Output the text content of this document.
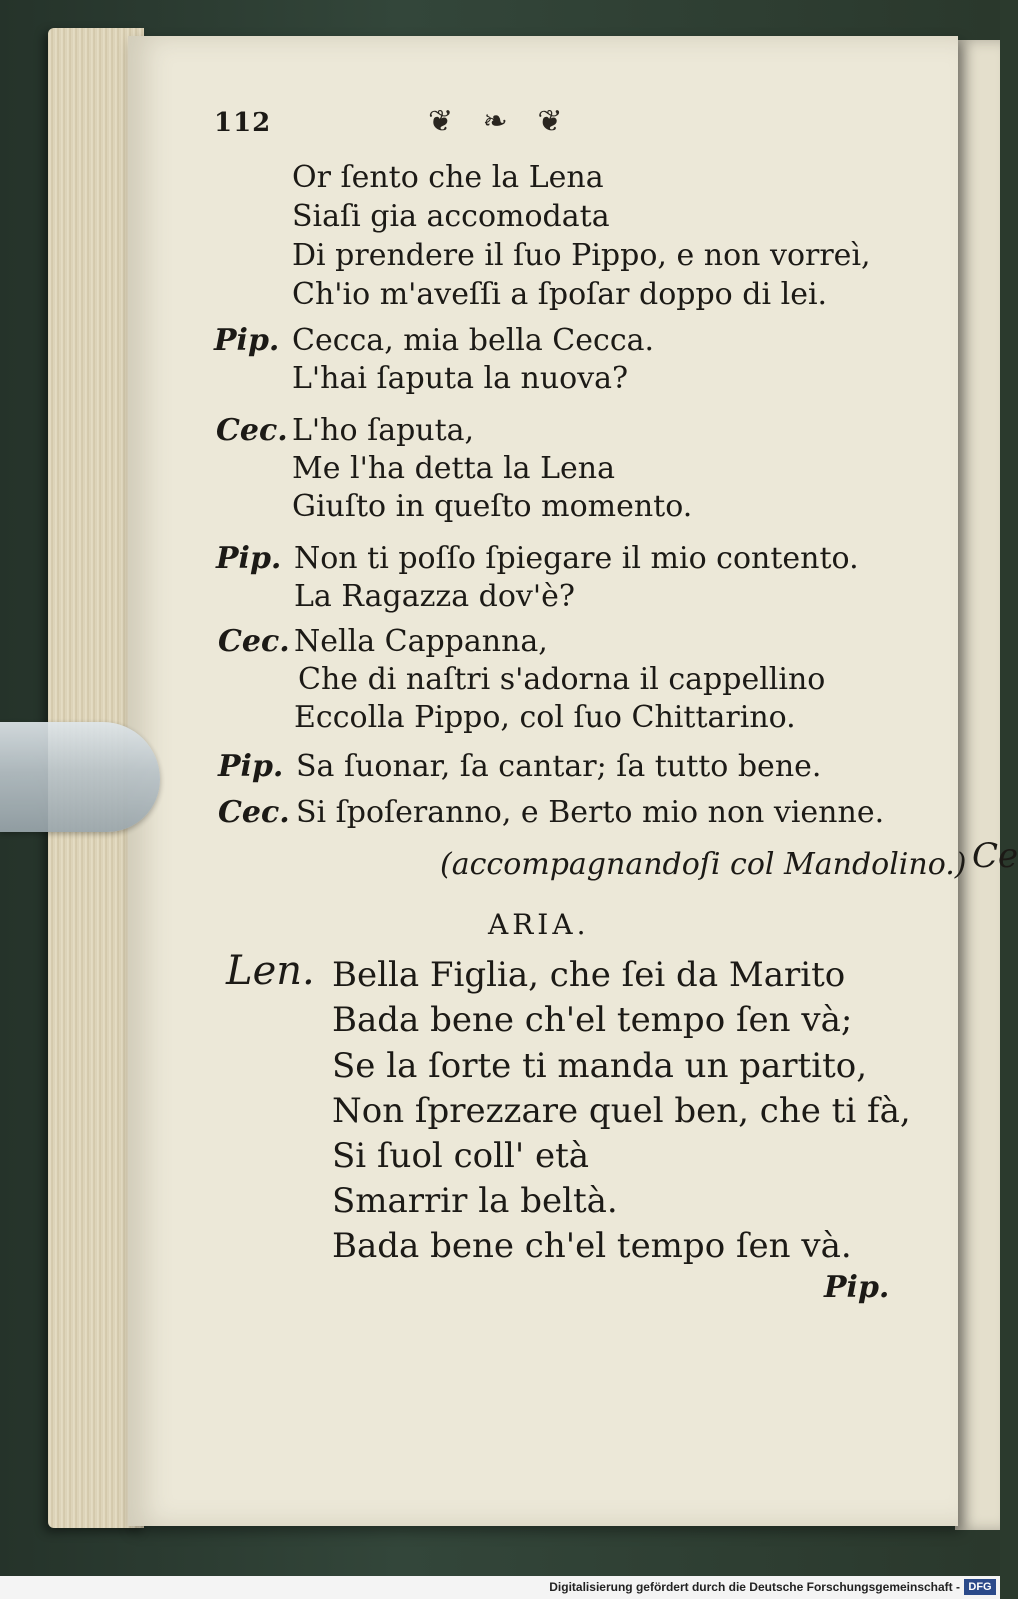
Ce
112	❦ ❧ ❦
Or ſento che la Lena
Siaſi gia accomodata
Di prendere il ſuo Pippo, e non vorreì,
Ch'io m'aveſſi a ſpoſar doppo di lei.
Pip. Cecca, mia bella Cecca.
L'hai ſaputa la nuova?
Cec. L'ho ſaputa,
Me l'ha detta la Lena
Giuſto in queſto momento.
Pip. Non ti poſſo ſpiegare il mio contento.
La Ragazza dov'è?
Cec. Nella Cappanna,
Che di naſtri s'adorna il cappellino
Eccolla Pippo, col ſuo Chittarino.
Pip. Sa ſuonar, ſa cantar; ſa tutto bene.
Cec. Si ſpoſeranno, e Berto mio non vienne.
(accompagnandoſi col Mandolino.)
ARIA.
Len. Bella Figlia, che ſei da Marito
Bada bene ch'el tempo ſen và;
Se la ſorte ti manda un partito,
Non ſprezzare quel ben, che ti fà,
Si ſuol coll' età
Smarrir la beltà.
Bada bene ch'el tempo ſen và.
Pip.
Digitalisierung gefördert durch die Deutsche Forschungsgemeinschaft - DFG
